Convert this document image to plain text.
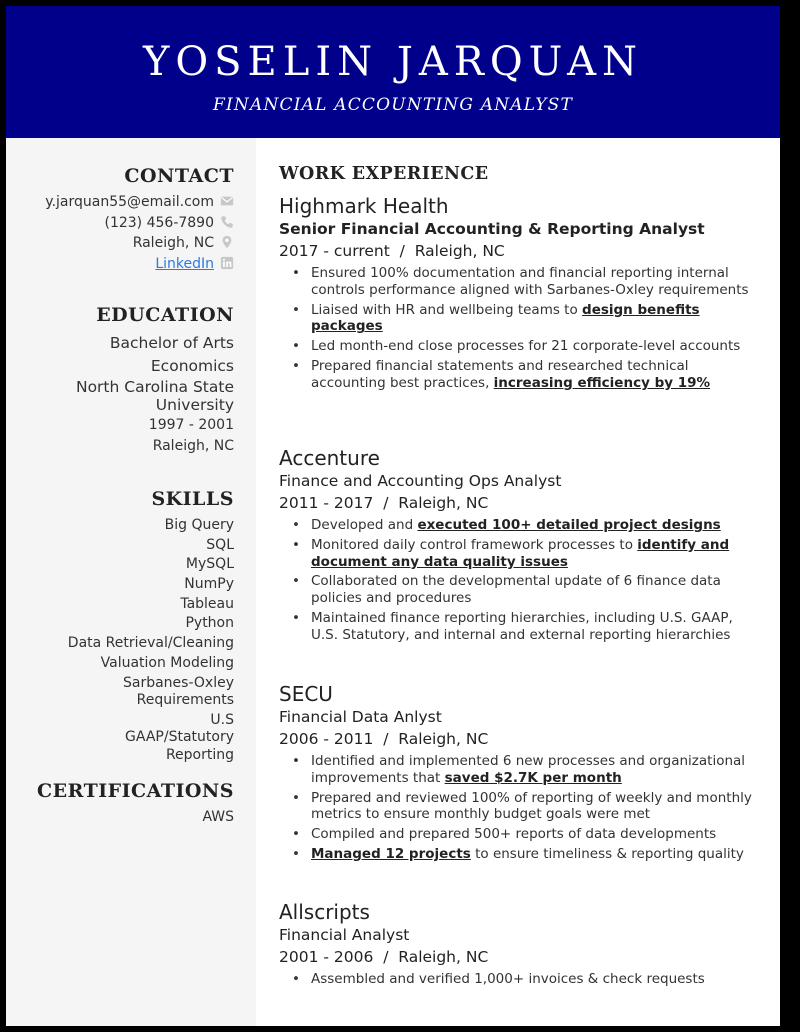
YOSELIN JARQUAN
FINANCIAL ACCOUNTING ANALYST
CONTACT
y.jarquan55@email.com
(123) 456-7890
Raleigh, NC
LinkedIn
EDUCATION
Bachelor of Arts
Economics
North Carolina State University
1997 - 2001
Raleigh, NC
SKILLS
Big Query
SQL
MySQL
NumPy
Tableau
Python
Data Retrieval/Cleaning
Valuation Modeling
Sarbanes-Oxley Requirements
U.S GAAP/Statutory Reporting
CERTIFICATIONS
AWS
WORK EXPERIENCE
Highmark Health
Senior Financial Accounting & Reporting Analyst
2017 - current  /  Raleigh, NC
• Ensured 100% documentation and financial reporting internal controls performance aligned with Sarbanes-Oxley requirements
• Liaised with HR and wellbeing teams to design benefits packages
• Led month-end close processes for 21 corporate-level accounts
• Prepared financial statements and researched technical accounting best practices, increasing efficiency by 19%
Accenture
Finance and Accounting Ops Analyst
2011 - 2017  /  Raleigh, NC
• Developed and executed 100+ detailed project designs
• Monitored daily control framework processes to identify and document any data quality issues
• Collaborated on the developmental update of 6 finance data policies and procedures
• Maintained finance reporting hierarchies, including U.S. GAAP, U.S. Statutory, and internal and external reporting hierarchies
SECU
Financial Data Anlyst
2006 - 2011  /  Raleigh, NC
• Identified and implemented 6 new processes and organizational improvements that saved $2.7K per month
• Prepared and reviewed 100% of reporting of weekly and monthly metrics to ensure monthly budget goals were met
• Compiled and prepared 500+ reports of data developments
• Managed 12 projects to ensure timeliness & reporting quality
Allscripts
Financial Analyst
2001 - 2006  /  Raleigh, NC
• Assembled and verified 1,000+ invoices & check requests
